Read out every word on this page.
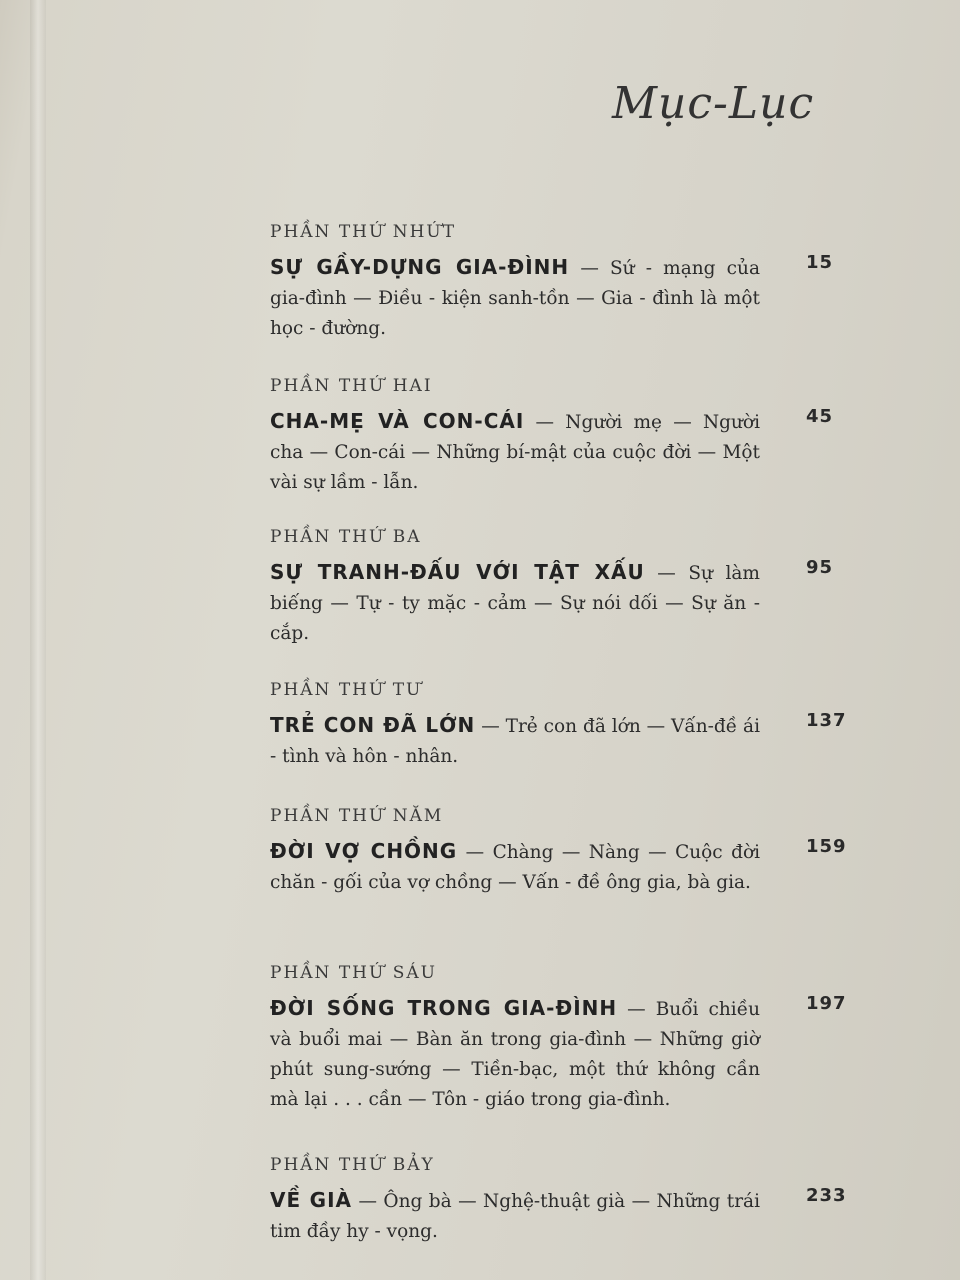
Mục-Lục
PHẦN THỨ NHỨT
SỰ GẦY-DỰNG GIA-ĐÌNH — Sứ - mạng của gia-đình — Điều - kiện sanh-tồn — Gia - đình là một học - đường.
15
PHẦN THỨ HAI
CHA-MẸ VÀ CON-CÁI — Người mẹ — Người cha — Con-cái — Những bí-mật của cuộc đời — Một vài sự lầm - lẫn.
45
PHẦN THỨ BA
SỰ TRANH-ĐẤU VỚI TẬT XẤU — Sự làm biếng — Tự - ty mặc - cảm — Sự nói dối — Sự ăn - cắp.
95
PHẦN THỨ TƯ
TRẺ CON ĐÃ LỚN — Trẻ con đã lớn — Vấn-đề ái - tình và hôn - nhân.
137
PHẦN THỨ NĂM
ĐỜI VỢ CHỒNG — Chàng — Nàng — Cuộc đời chăn - gối của vợ chồng — Vấn - đề ông gia, bà gia.
159
PHẦN THỨ SÁU
ĐỜI SỐNG TRONG GIA-ĐÌNH — Buổi chiều và buổi mai — Bàn ăn trong gia-đình — Những giờ phút sung-sướng — Tiền-bạc, một thứ không cần mà lại . . . cần — Tôn - giáo trong gia-đình.
197
PHẦN THỨ BẢY
VỀ GIÀ — Ông bà — Nghệ-thuật già — Những trái tim đầy hy - vọng.
233
